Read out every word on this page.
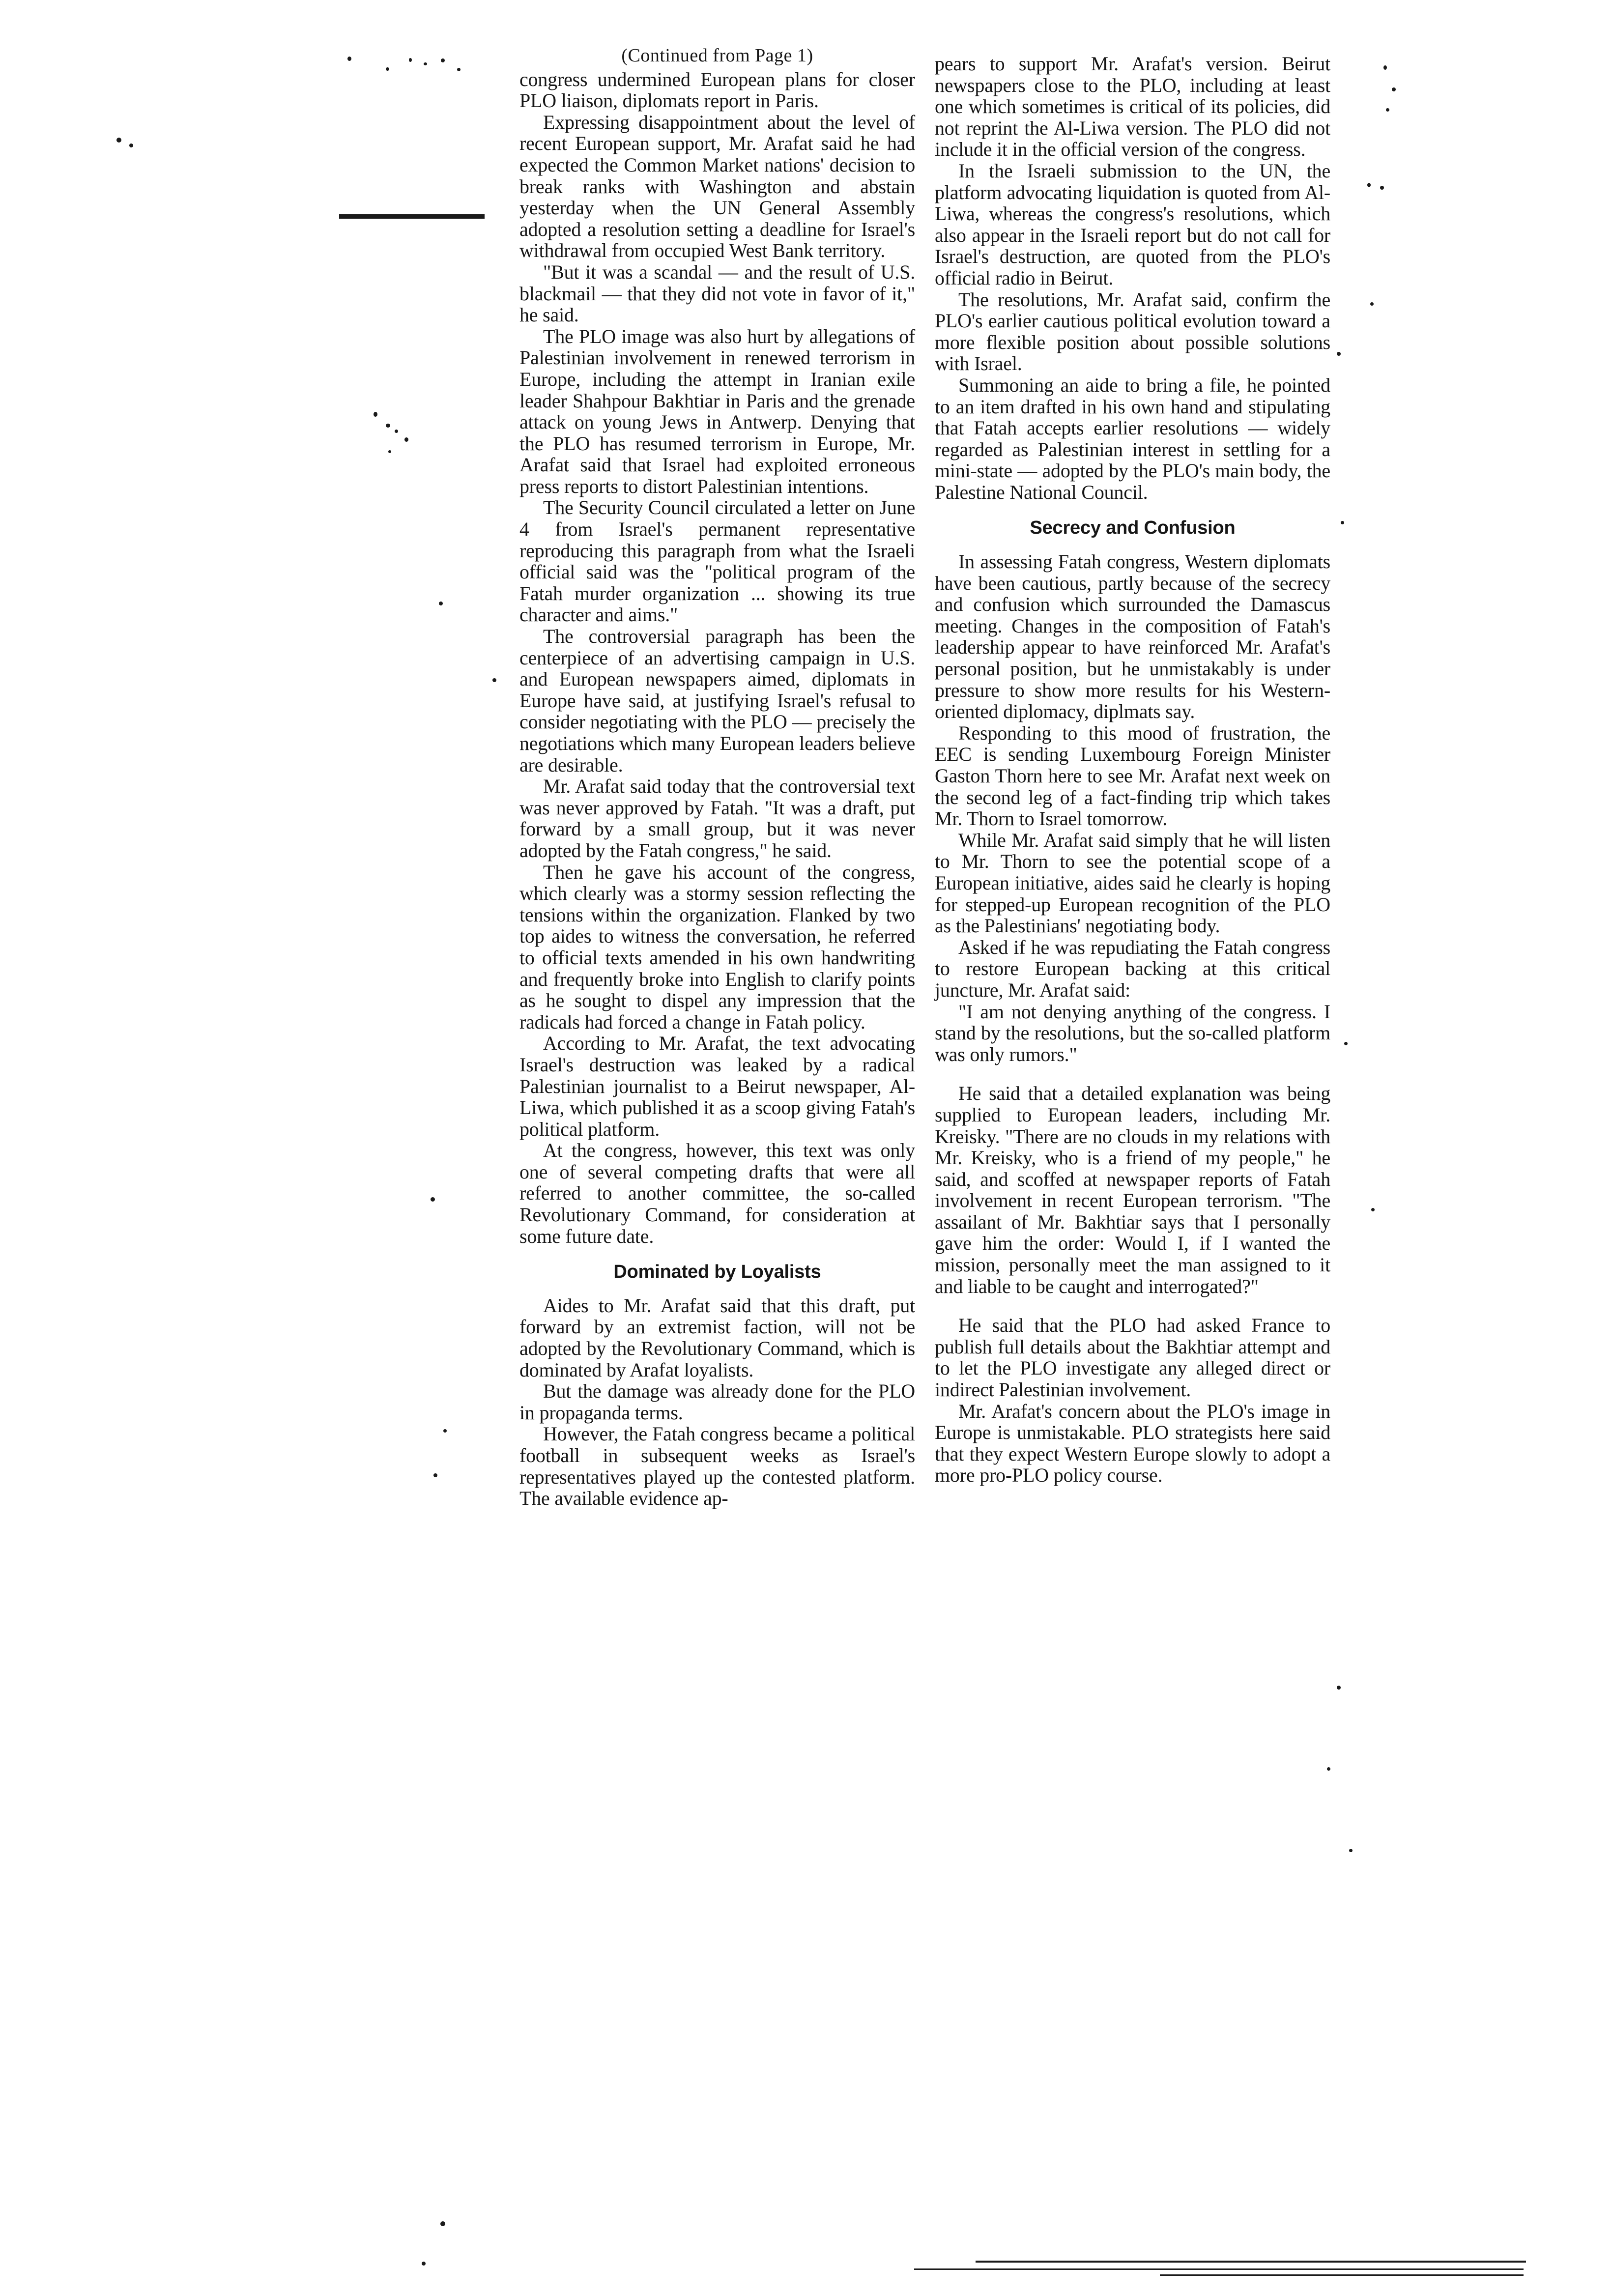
(Continued from Page 1)

congress undermined European plans for closer PLO liaison, diplomats report in Paris.

Expressing disappointment about the level of recent European support, Mr. Arafat said he had expected the Common Market nations' decision to break ranks with Washington and abstain yesterday when the UN General Assembly adopted a resolution setting a deadline for Israel's withdrawal from occupied West Bank territory.

"But it was a scandal — and the result of U.S. blackmail — that they did not vote in favor of it," he said.

The PLO image was also hurt by allegations of Palestinian involvement in renewed terrorism in Europe, including the attempt in Iranian exile leader Shahpour Bakhtiar in Paris and the grenade attack on young Jews in Antwerp. Denying that the PLO has resumed terrorism in Europe, Mr. Arafat said that Israel had exploited erroneous press reports to distort Palestinian intentions.

The Security Council circulated a letter on June 4 from Israel's permanent representative reproducing this paragraph from what the Israeli official said was the "political program of the Fatah murder organization ... showing its true character and aims."

The controversial paragraph has been the centerpiece of an advertising campaign in U.S. and European newspapers aimed, diplomats in Europe have said, at justifying Israel's refusal to consider negotiating with the PLO — precisely the negotiations which many European leaders believe are desirable.

Mr. Arafat said today that the controversial text was never approved by Fatah. "It was a draft, put forward by a small group, but it was never adopted by the Fatah congress," he said.

Then he gave his account of the congress, which clearly was a stormy session reflecting the tensions within the organization. Flanked by two top aides to witness the conversation, he referred to official texts amended in his own handwriting and frequently broke into English to clarify points as he sought to dispel any impression that the radicals had forced a change in Fatah policy.

According to Mr. Arafat, the text advocating Israel's destruction was leaked by a radical Palestinian journalist to a Beirut newspaper, Al-Liwa, which published it as a scoop giving Fatah's political platform.

At the congress, however, this text was only one of several competing drafts that were all referred to another committee, the so-called Revolutionary Command, for consideration at some future date.

Dominated by Loyalists

Aides to Mr. Arafat said that this draft, put forward by an extremist faction, will not be adopted by the Revolutionary Command, which is dominated by Arafat loyalists.

But the damage was already done for the PLO in propaganda terms.

However, the Fatah congress became a political football in subsequent weeks as Israel's representatives played up the contested platform. The available evidence ap-

pears to support Mr. Arafat's version. Beirut newspapers close to the PLO, including at least one which sometimes is critical of its policies, did not reprint the Al-Liwa version. The PLO did not include it in the official version of the congress.

In the Israeli submission to the UN, the platform advocating liquidation is quoted from Al-Liwa, whereas the congress's resolutions, which also appear in the Israeli report but do not call for Israel's destruction, are quoted from the PLO's official radio in Beirut.

The resolutions, Mr. Arafat said, confirm the PLO's earlier cautious political evolution toward a more flexible position about possible solutions with Israel.

Summoning an aide to bring a file, he pointed to an item drafted in his own hand and stipulating that Fatah accepts earlier resolutions — widely regarded as Palestinian interest in settling for a mini-state — adopted by the PLO's main body, the Palestine National Council.

Secrecy and Confusion

In assessing Fatah congress, Western diplomats have been cautious, partly because of the secrecy and confusion which surrounded the Damascus meeting. Changes in the composition of Fatah's leadership appear to have reinforced Mr. Arafat's personal position, but he unmistakably is under pressure to show more results for his Western-oriented diplomacy, diplmats say.

Responding to this mood of frustration, the EEC is sending Luxembourg Foreign Minister Gaston Thorn here to see Mr. Arafat next week on the second leg of a fact-finding trip which takes Mr. Thorn to Israel tomorrow.

While Mr. Arafat said simply that he will listen to Mr. Thorn to see the potential scope of a European initiative, aides said he clearly is hoping for stepped-up European recognition of the PLO as the Palestinians' negotiating body.

Asked if he was repudiating the Fatah congress to restore European backing at this critical juncture, Mr. Arafat said:

"I am not denying anything of the congress. I stand by the resolutions, but the so-called platform was only rumors."

He said that a detailed explanation was being supplied to European leaders, including Mr. Kreisky. "There are no clouds in my relations with Mr. Kreisky, who is a friend of my people," he said, and scoffed at newspaper reports of Fatah involvement in recent European terrorism. "The assailant of Mr. Bakhtiar says that I personally gave him the order: Would I, if I wanted the mission, personally meet the man assigned to it and liable to be caught and interrogated?"

He said that the PLO had asked France to publish full details about the Bakhtiar attempt and to let the PLO investigate any alleged direct or indirect Palestinian involvement.

Mr. Arafat's concern about the PLO's image in Europe is unmistakable. PLO strategists here said that they expect Western Europe slowly to adopt a more pro-PLO policy course.
